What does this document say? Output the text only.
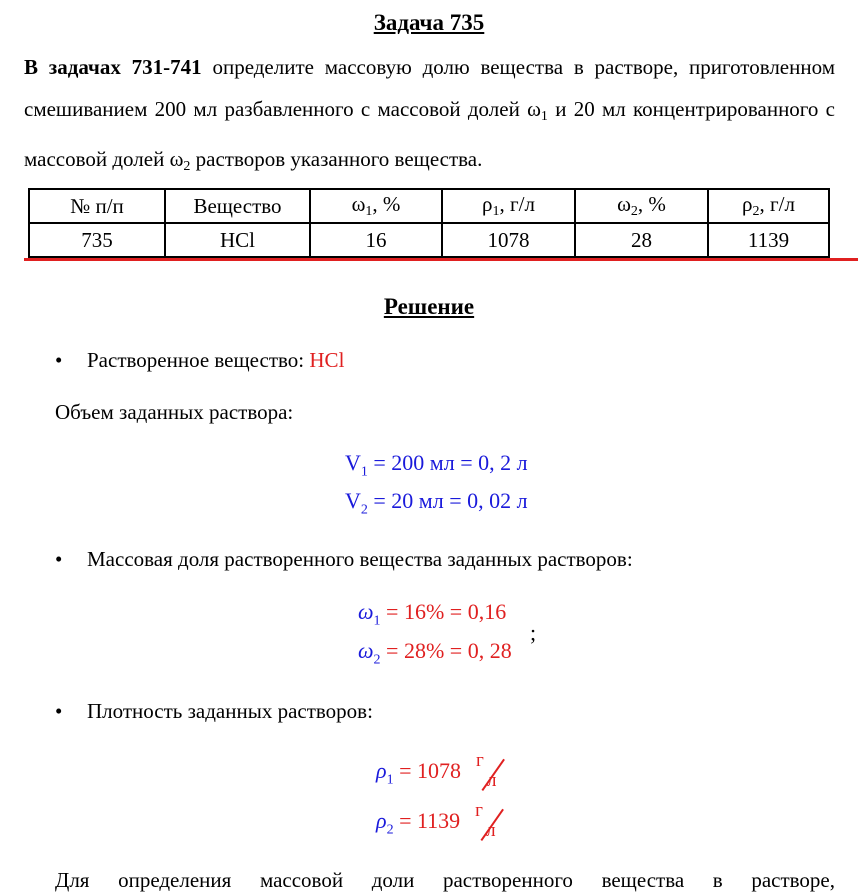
Задача 735
В задачах 731-741 определите массовую долю вещества в растворе, приготовленном смешиванием 200 мл разбавленного с массовой долей $\omega_1$ и 20 мл концентрированного с массовой долей $\omega_2$ растворов указанного вещества.
№ п/п	Вещество	$\omega_1$, %	$\rho_1$, г/л	$\omega_2$, %	$\rho_2$, г/л
735	HCl	16	1078	28	1139
Решение
• Растворенное вещество: HCl
Объем заданных раствора:
$V_1 = 200$ мл = 0, 2 л
$V_2 = 20$ мл = 0, 02 л
• Массовая доля растворенного вещества заданных растворов:
$\omega_1 = 16\% = 0,16$
$\omega_2 = 28\% = 0$, 28
;
• Плотность заданных растворов:
$\rho_1 = 1078$ г
л
$\rho_2 = 1139$ г
л
Для определения массовой доли растворенного вещества в растворе,
